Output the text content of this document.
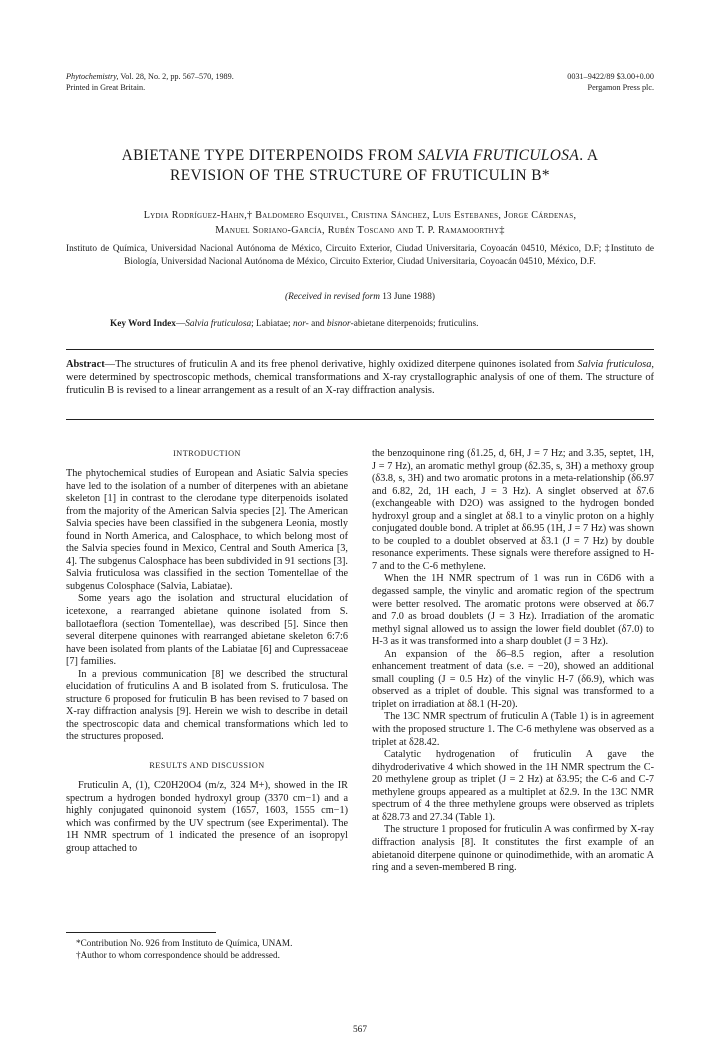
Phytochemistry, Vol. 28, No. 2, pp. 567–570, 1989.
Printed in Great Britain.
0031–9422/89 $3.00+0.00
Pergamon Press plc.
ABIETANE TYPE DITERPENOIDS FROM SALVIA FRUTICULOSA. A
REVISION OF THE STRUCTURE OF FRUTICULIN B*
Lydia Rodríguez-Hahn,† Baldomero Esquivel, Cristina Sánchez, Luis Estebanes, Jorge Cárdenas,
Manuel Soriano-García, Rubén Toscano and T. P. Ramamoorthy‡
Instituto de Química, Universidad Nacional Autónoma de México, Circuito Exterior, Ciudad Universitaria, Coyoacán 04510, México, D.F; ‡Instituto de Biología, Universidad Nacional Autónoma de México, Circuito Exterior, Ciudad Universitaria, Coyoacán 04510, México, D.F.
(Received in revised form 13 June 1988)
Key Word Index—Salvia fruticulosa; Labiatae; nor- and bisnor-abietane diterpenoids; fruticulins.
Abstract—The structures of fruticulin A and its free phenol derivative, highly oxidized diterpene quinones isolated from Salvia fruticulosa, were determined by spectroscopic methods, chemical transformations and X-ray crystallographic analysis of one of them. The structure of fruticulin B is revised to a linear arrangement as a result of an X-ray diffraction analysis.
INTRODUCTION

The phytochemical studies of European and Asiatic Salvia species have led to the isolation of a number of diterpenes with an abietane skeleton [1] in contrast to the clerodane type diterpenoids isolated from the majority of the American Salvia species [2]. The American Salvia species have been classified in the subgenera Leonia, mostly found in North America, and Calosphace, to which belong most of the Salvia species found in Mexico, Central and South America [3, 4]. The subgenus Calosphace has been subdivided in 91 sections [3]. Salvia fruticulosa was classified in the section Tomentellae of the subgenus Colosphace (Salvia, Labiatae).

Some years ago the isolation and structural elucidation of icetexone, a rearranged abietane quinone isolated from S. ballotaeflora (section Tomentellae), was described [5]. Since then several diterpene quinones with rearranged abietane skeleton 6:7:6 have been isolated from plants of the Labiatae [6] and Cupressaceae [7] families.

In a previous communication [8] we described the structural elucidation of fruticulins A and B isolated from S. fruticulosa. The structure 6 proposed for fruticulin B has been revised to 7 based on X-ray diffraction analysis [9]. Herein we wish to describe in detail the spectroscopic data and chemical transformations which led to the structures proposed.

RESULTS AND DISCUSSION

Fruticulin A, (1), C20H20O4 (m/z, 324 M+), showed in the IR spectrum a hydrogen bonded hydroxyl group (3370 cm−1) and a highly conjugated quinonoid system (1657, 1603, 1555 cm−1) which was confirmed by the UV spectrum (see Experimental). The 1H NMR spectrum of 1 indicated the presence of an isopropyl group attached to

the benzoquinone ring (δ1.25, d, 6H, J = 7 Hz; and 3.35, septet, 1H, J = 7 Hz), an aromatic methyl group (δ2.35, s, 3H) a methoxy group (δ3.8, s, 3H) and two aromatic protons in a meta-relationship (δ6.97 and 6.82, 2d, 1H each, J = 3 Hz). A singlet observed at δ7.6 (exchangeable with D2O) was assigned to the hydrogen bonded hydroxyl group and a singlet at δ8.1 to a vinylic proton on a highly conjugated double bond. A triplet at δ6.95 (1H, J = 7 Hz) was shown to be coupled to a doublet observed at δ3.1 (J = 7 Hz) by double resonance experiments. These signals were therefore assigned to H-7 and to the C-6 methylene.

When the 1H NMR spectrum of 1 was run in C6D6 with a degassed sample, the vinylic and aromatic region of the spectrum were better resolved. The aromatic protons were observed at δ6.7 and 7.0 as broad doublets (J = 3 Hz). Irradiation of the aromatic methyl signal allowed us to assign the lower field doublet (δ7.0) to H-3 as it was transformed into a sharp doublet (J = 3 Hz).

An expansion of the δ6–8.5 region, after a resolution enhancement treatment of data (s.e. = −20), showed an additional small coupling (J = 0.5 Hz) of the vinylic H-7 (δ6.9), which was observed as a triplet of double. This signal was transformed to a triplet on irradiation at δ8.1 (H-20).

The 13C NMR spectrum of fruticulin A (Table 1) is in agreement with the proposed structure 1. The C-6 methylene was observed as a triplet at δ28.42.

Catalytic hydrogenation of fruticulin A gave the dihydroderivative 4 which showed in the 1H NMR spectrum the C-20 methylene group as triplet (J = 2 Hz) at δ3.95; the C-6 and C-7 methylene groups appeared as a multiplet at δ2.9. In the 13C NMR spectrum of 4 the three methylene groups were observed as triplets at δ28.73 and 27.34 (Table 1).

The structure 1 proposed for fruticulin A was confirmed by X-ray diffraction analysis [8]. It constitutes the first example of an abietanoid diterpene quinone or quinodimethide, with an aromatic A ring and a seven-membered B ring.

*Contribution No. 926 from Instituto de Química, UNAM.
†Author to whom correspondence should be addressed.
567
